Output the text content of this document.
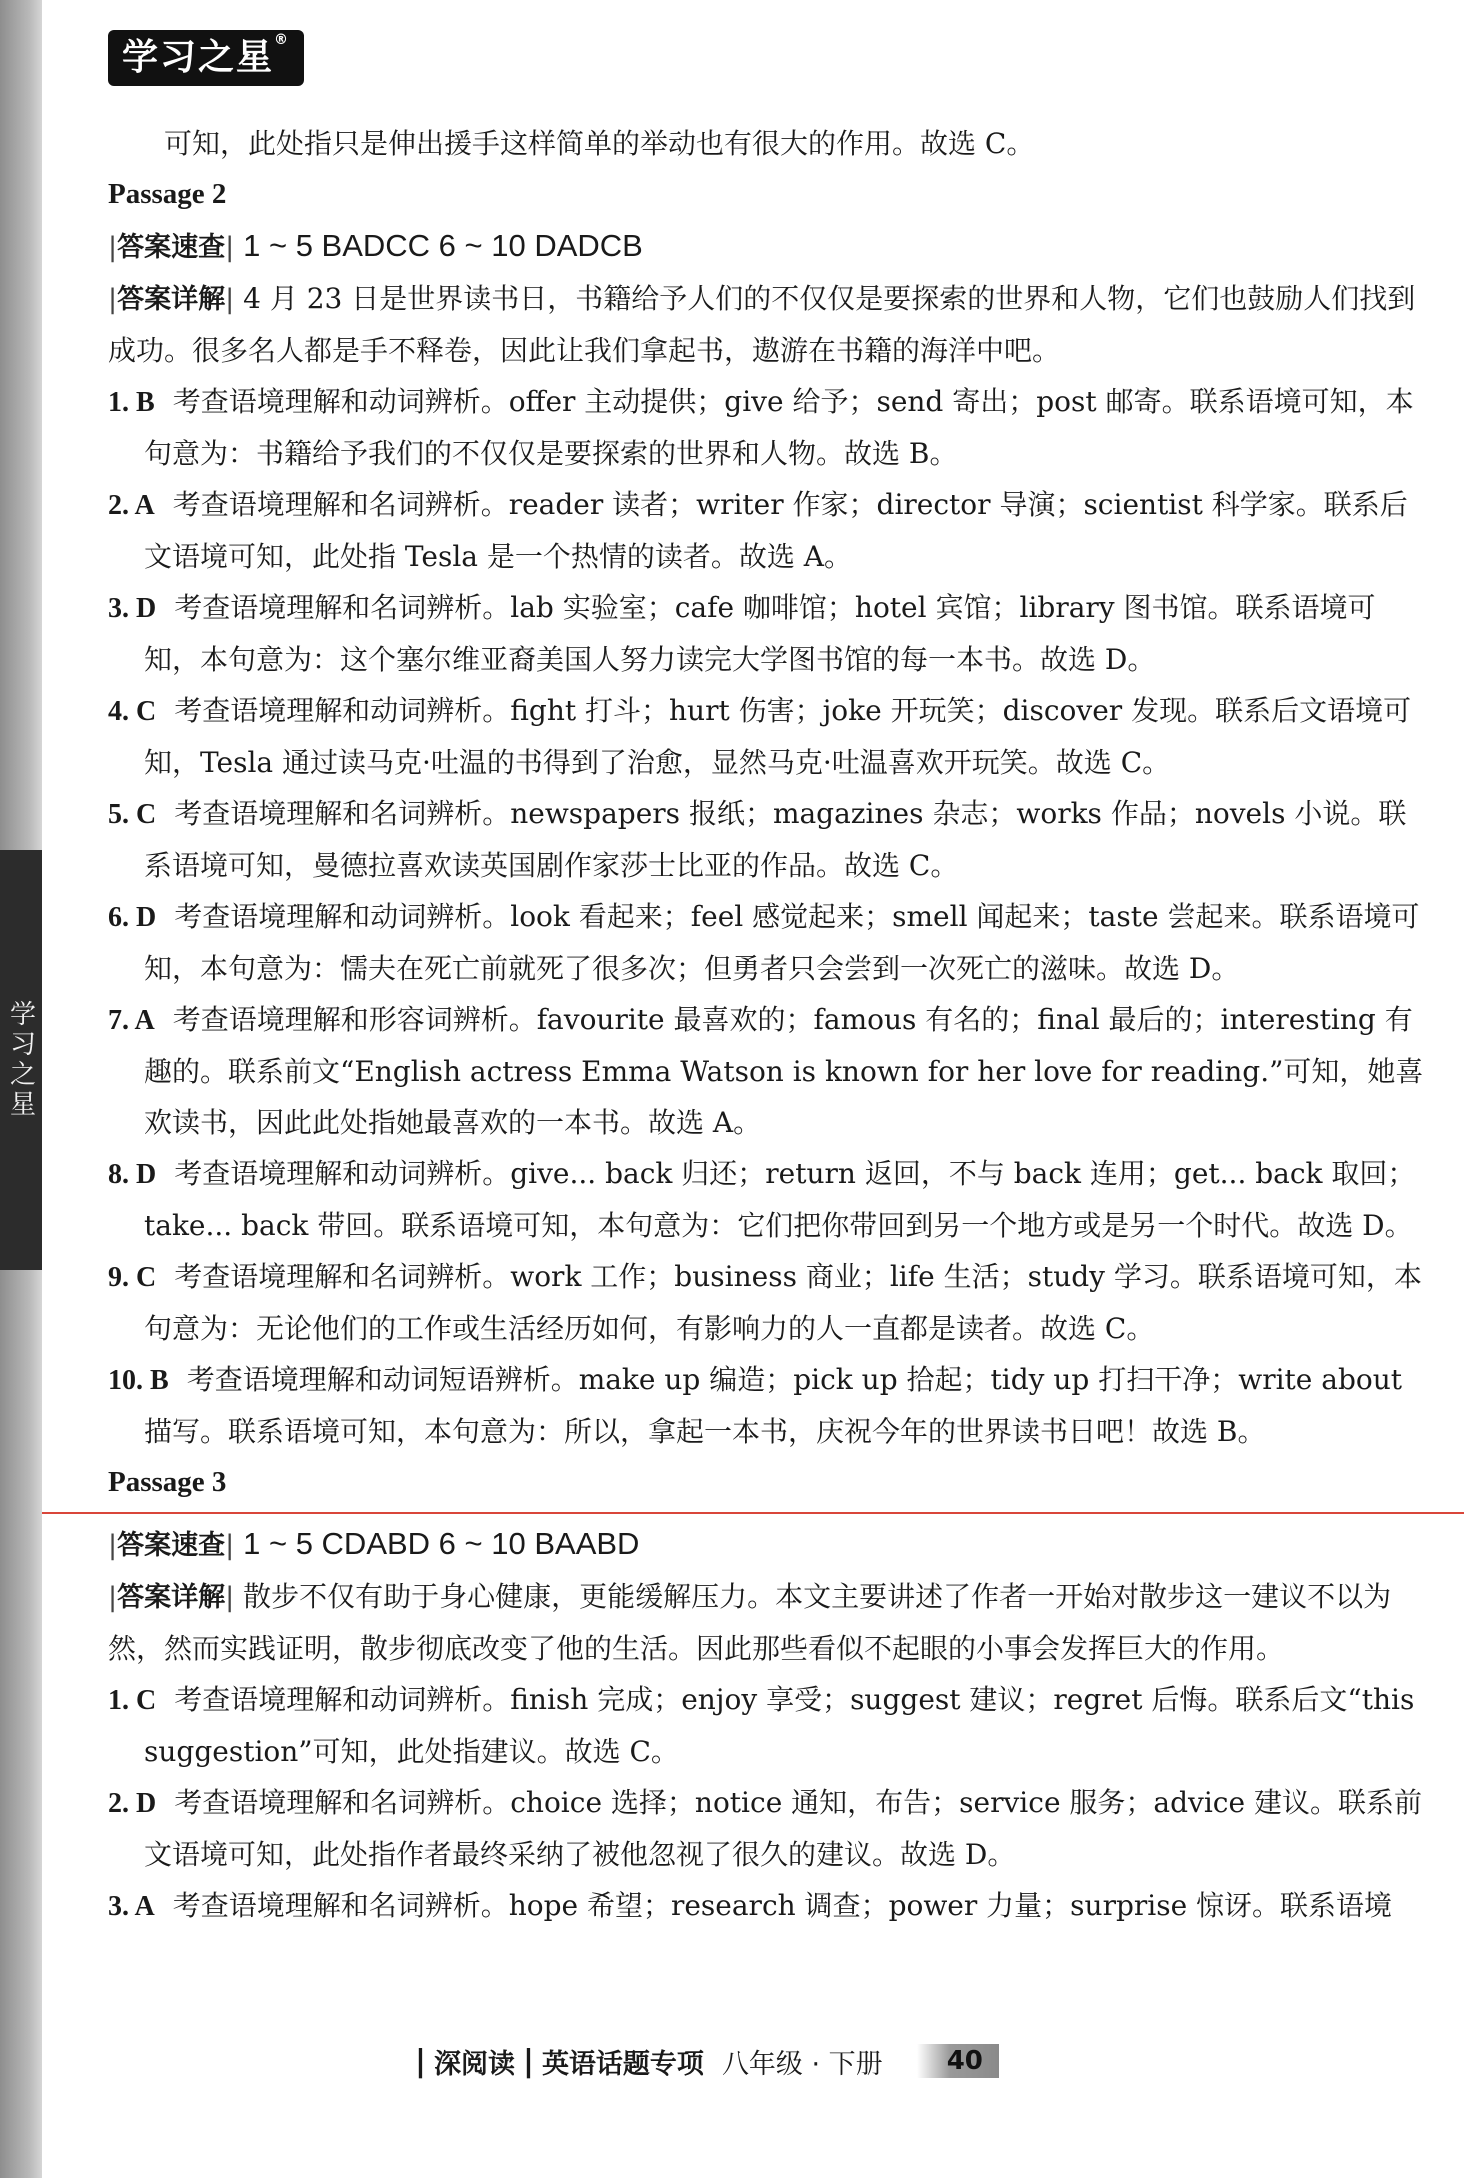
学习之星
学习之星®

可知，此处指只是伸出援手这样简单的举动也有很大的作用。故选 C。

Passage 2

|答案速查| 1 ~ 5 BADCC 6 ~ 10 DADCB

|答案详解| 4 月 23 日是世界读书日，书籍给予人们的不仅仅是要探索的世界和人物，它们也鼓励人们找到成功。很多名人都是手不释卷，因此让我们拿起书，遨游在书籍的海洋中吧。

1. B 考查语境理解和动词辨析。offer 主动提供；give 给予；send 寄出；post 邮寄。联系语境可知，本句意为：书籍给予我们的不仅仅是要探索的世界和人物。故选 B。

2. A 考查语境理解和名词辨析。reader 读者；writer 作家；director 导演；scientist 科学家。联系后文语境可知，此处指 Tesla 是一个热情的读者。故选 A。

3. D 考查语境理解和名词辨析。lab 实验室；cafe 咖啡馆；hotel 宾馆；library 图书馆。联系语境可知，本句意为：这个塞尔维亚裔美国人努力读完大学图书馆的每一本书。故选 D。

4. C 考查语境理解和动词辨析。fight 打斗；hurt 伤害；joke 开玩笑；discover 发现。联系后文语境可知，Tesla 通过读马克·吐温的书得到了治愈，显然马克·吐温喜欢开玩笑。故选 C。

5. C 考查语境理解和名词辨析。newspapers 报纸；magazines 杂志；works 作品；novels 小说。联系语境可知，曼德拉喜欢读英国剧作家莎士比亚的作品。故选 C。

6. D 考查语境理解和动词辨析。look 看起来；feel 感觉起来；smell 闻起来；taste 尝起来。联系语境可知，本句意为：懦夫在死亡前就死了很多次；但勇者只会尝到一次死亡的滋味。故选 D。

7. A 考查语境理解和形容词辨析。favourite 最喜欢的；famous 有名的；final 最后的；interesting 有趣的。联系前文“English actress Emma Watson is known for her love for reading.”可知，她喜欢读书，因此此处指她最喜欢的一本书。故选 A。

8. D 考查语境理解和动词辨析。give... back 归还；return 返回，不与 back 连用；get... back 取回；take... back 带回。联系语境可知，本句意为：它们把你带回到另一个地方或是另一个时代。故选 D。

9. C 考查语境理解和名词辨析。work 工作；business 商业；life 生活；study 学习。联系语境可知，本句意为：无论他们的工作或生活经历如何，有影响力的人一直都是读者。故选 C。

10. B 考查语境理解和动词短语辨析。make up 编造；pick up 拾起；tidy up 打扫干净；write about 描写。联系语境可知，本句意为：所以，拿起一本书，庆祝今年的世界读书日吧！故选 B。

Passage 3

|答案速查| 1 ~ 5 CDABD 6 ~ 10 BAABD

|答案详解| 散步不仅有助于身心健康，更能缓解压力。本文主要讲述了作者一开始对散步这一建议不以为然，然而实践证明，散步彻底改变了他的生活。因此那些看似不起眼的小事会发挥巨大的作用。

1. C 考查语境理解和动词辨析。finish 完成；enjoy 享受；suggest 建议；regret 后悔。联系后文“this suggestion”可知，此处指建议。故选 C。

2. D 考查语境理解和名词辨析。choice 选择；notice 通知，布告；service 服务；advice 建议。联系前文语境可知，此处指作者最终采纳了被他忽视了很久的建议。故选 D。

3. A 考查语境理解和名词辨析。hope 希望；research 调查；power 力量；surprise 惊讶。联系语境

| 深阅读 | 英语话题专项 八年级 · 下册	40
